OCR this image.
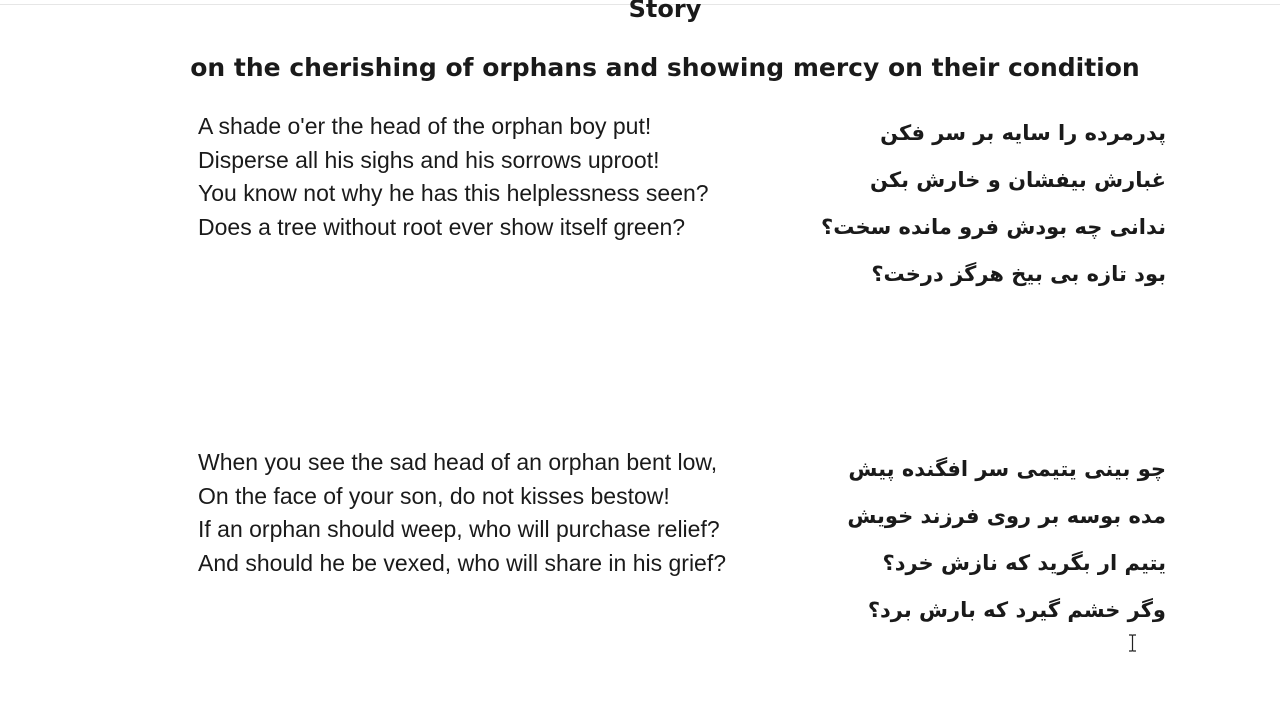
Story
on the cherishing of orphans and showing mercy on their condition
A shade o'er the head of the orphan boy put!
Disperse all his sighs and his sorrows uproot!
You know not why he has this helplessness seen?
Does a tree without root ever show itself green?
پدرمرده را سایه بر سر فکن
غبارش بیفشان و خارش بکن
ندانی چه بودش فرو مانده سخت؟
بود تازه بی بیخ هرگز درخت؟
When you see the sad head of an orphan bent low,
On the face of your son, do not kisses bestow!
If an orphan should weep, who will purchase relief?
And should he be vexed, who will share in his grief?
چو بینی یتیمی سر افگنده پیش
مده بوسه بر روی فرزند خویش
یتیم ار بگرید که نازش خرد؟
وگر خشم گیرد که بارش برد؟
